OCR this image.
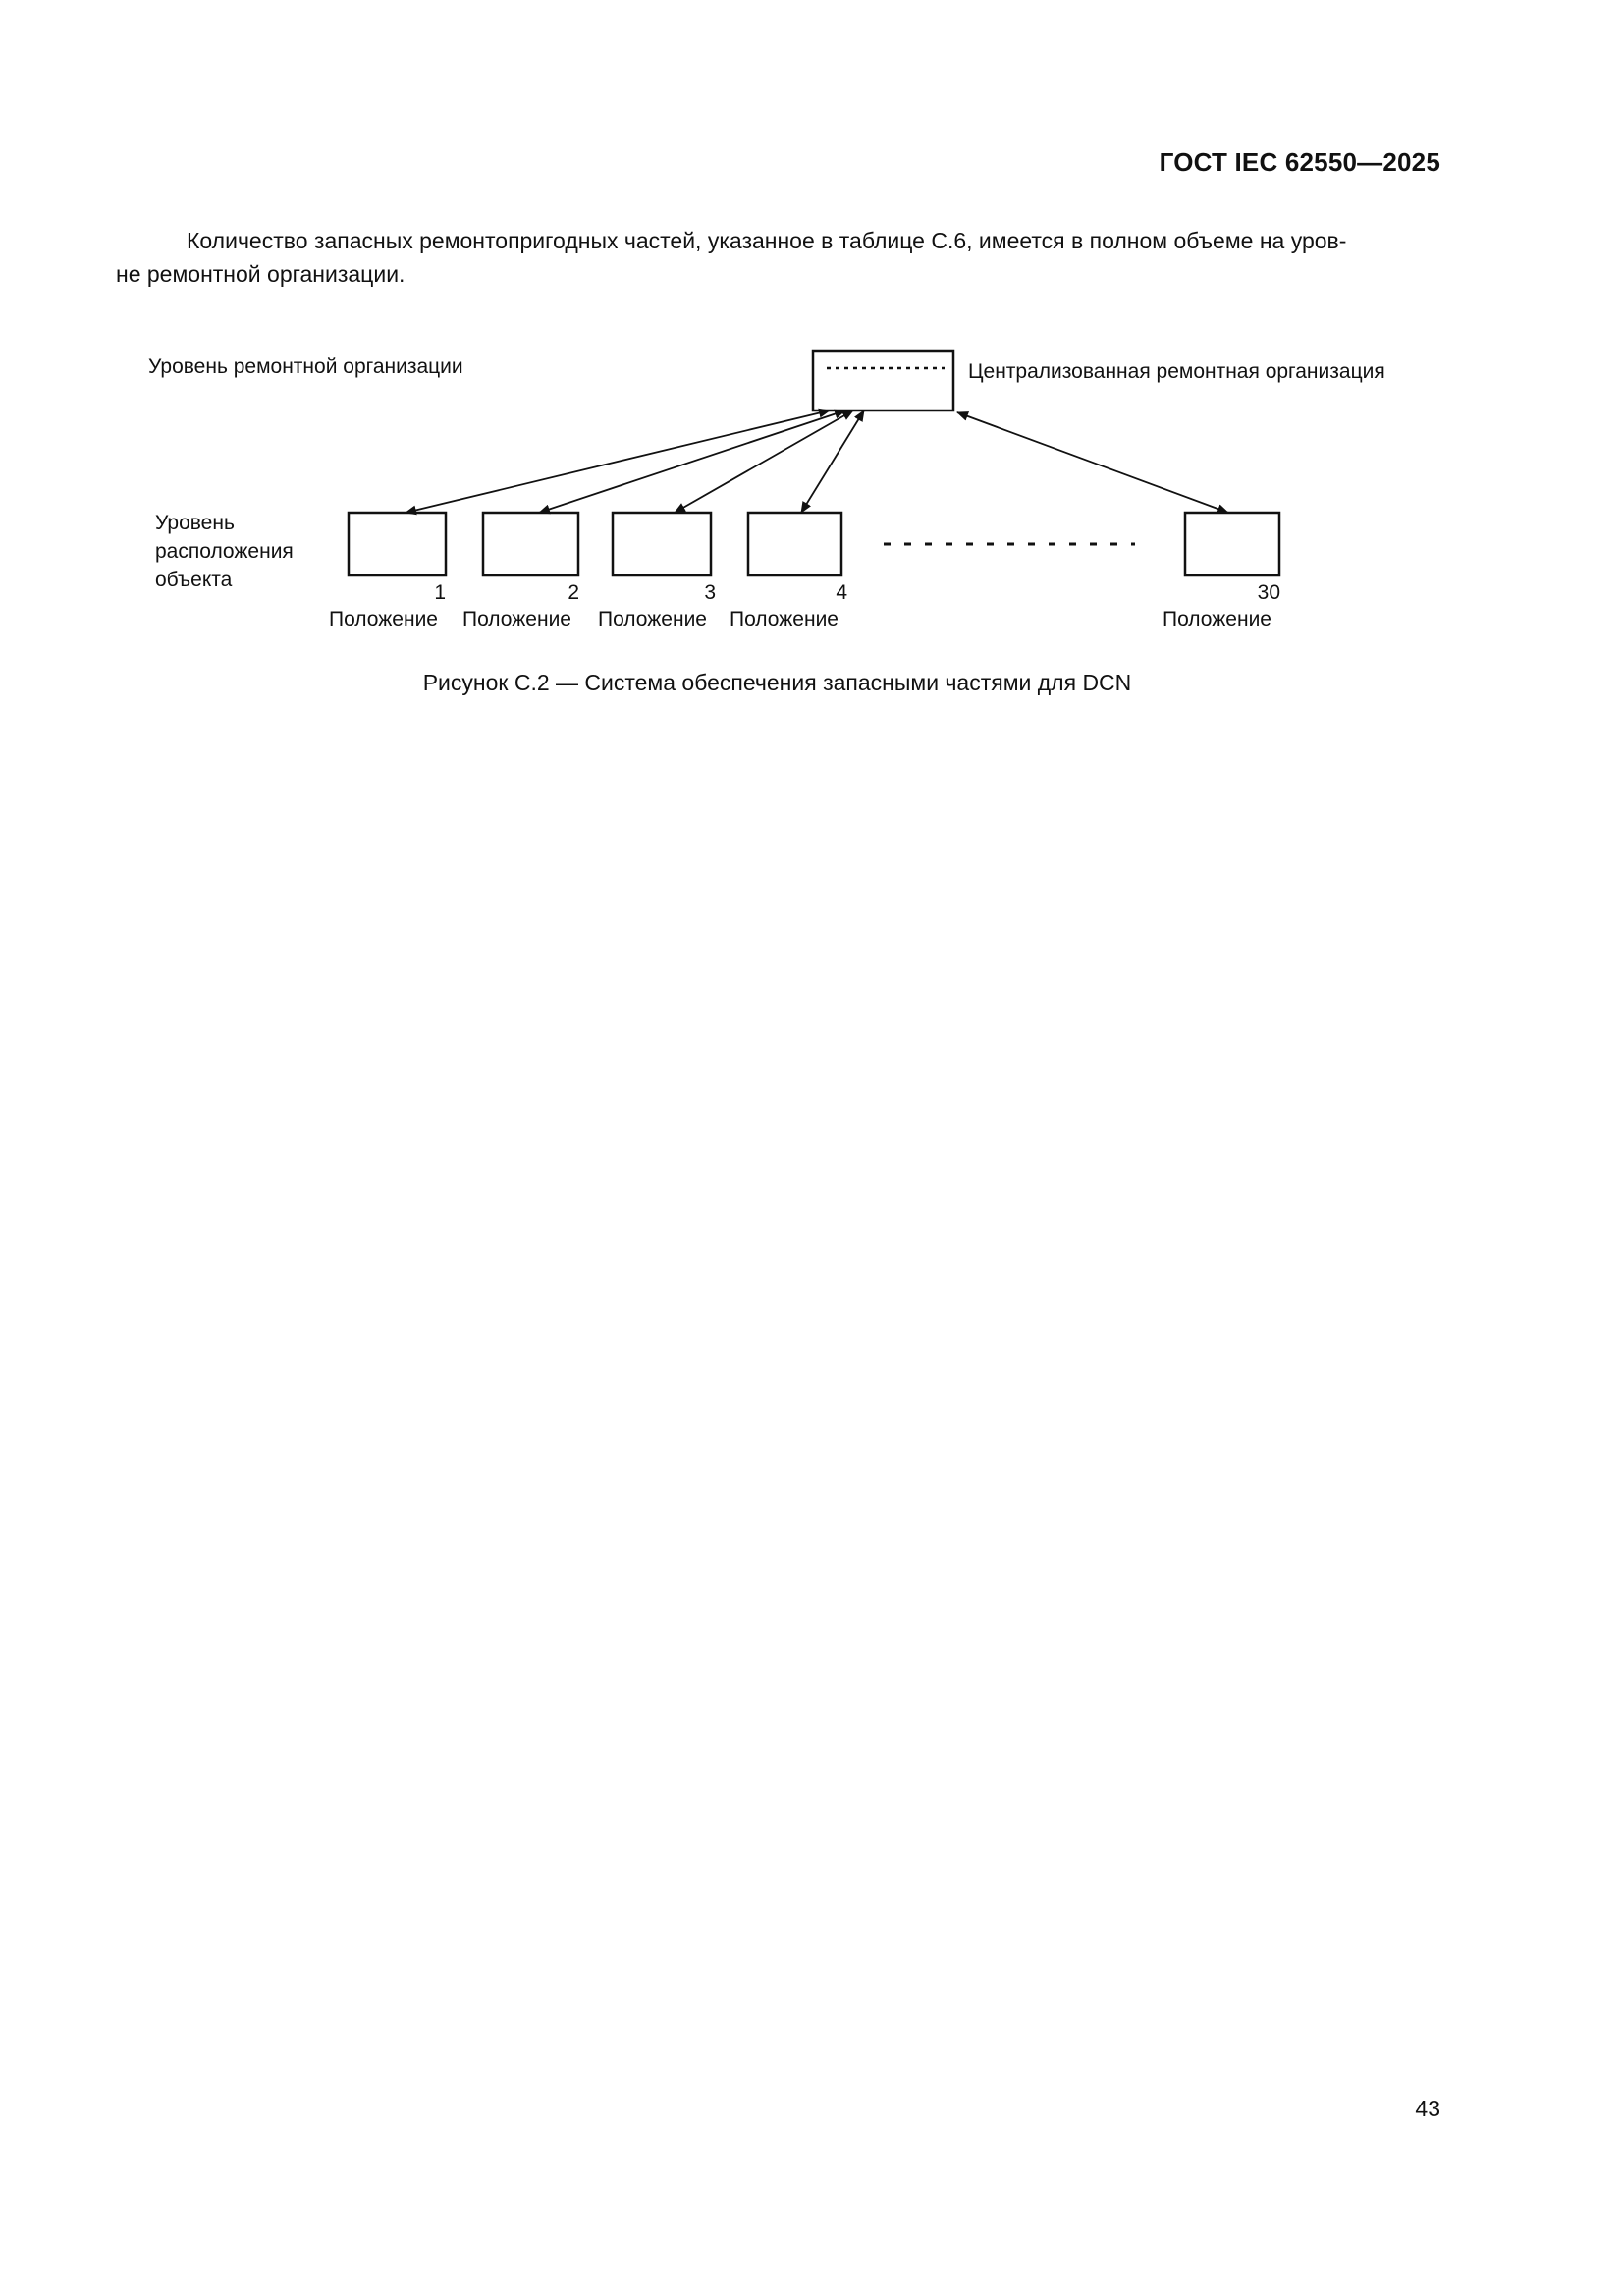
ГОСТ IEC 62550—2025

Количество запасных ремонтопригодных частей, указанное в таблице С.6, имеется в полном объеме на уров-
не ремонтной организации.

Уровень ремонтной организации	Централизованная ремонтная организация
Уровень
расположения
объекта
1	2	3	4	30
Положение Положение Положение Положение	Положение
Рисунок С.2 — Система обеспечения запасными частями для DCN
43
